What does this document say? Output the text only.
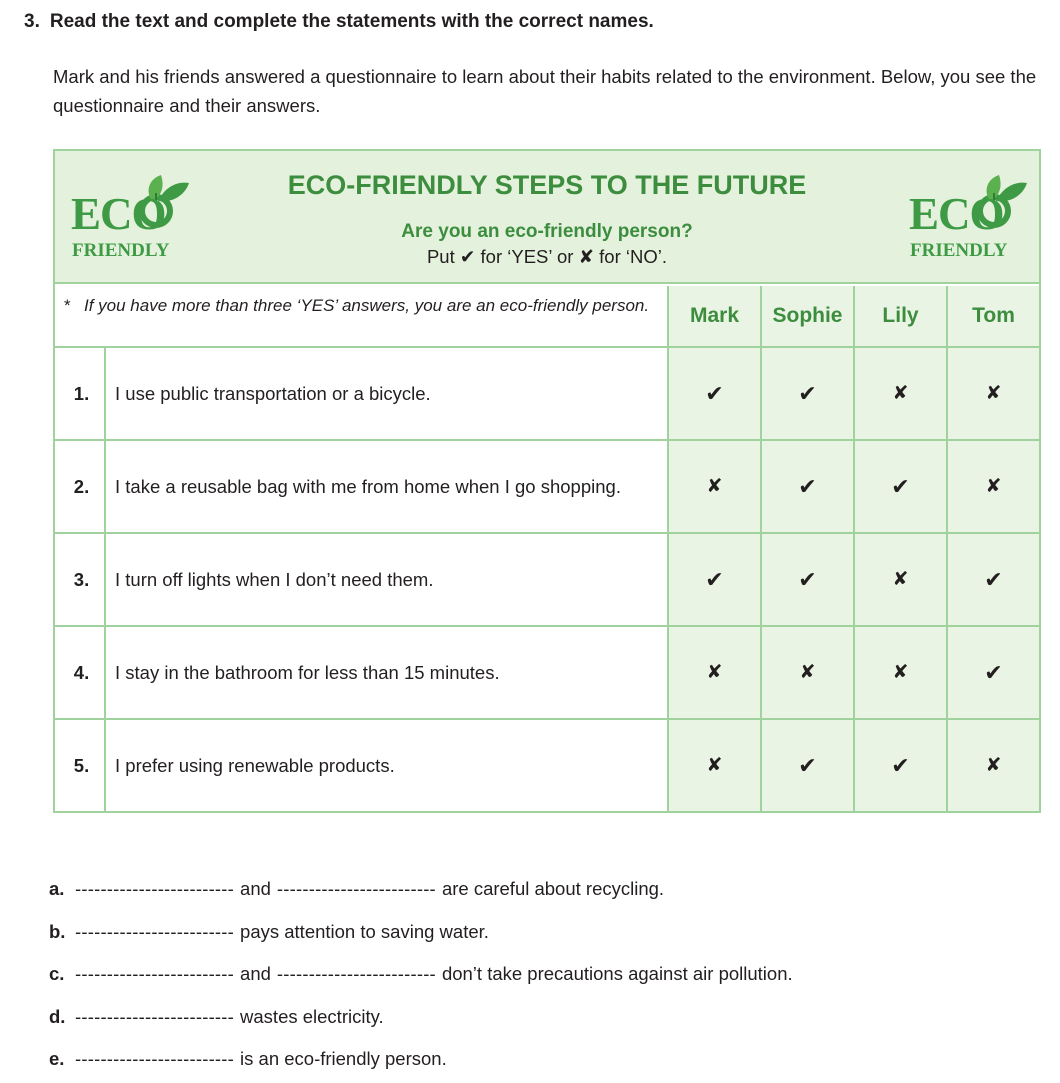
3. Read the text and complete the statements with the correct names.
Mark and his friends answered a questionnaire to learn about their habits related to the environment. Below, you see the questionnaire and their answers.
ECO
FRIENDLY
ECO-FRIENDLY STEPS TO THE FUTURE
Are you an eco-friendly person?
Put ✔ for ‘YES’ or ✘ for ‘NO’.
ECO
FRIENDLY
* If you have more than three ‘YES’ answers, you are an eco-friendly person.	Mark	Sophie	Lily	Tom
1.	I use public transportation or a bicycle.	✔	✔	✘	✘
2.	I take a reusable bag with me from home when I go shopping.	✘	✔	✔	✘
3.	I turn off lights when I don’t need them.	✔	✔	✘	✔
4.	I stay in the bathroom for less than 15 minutes.	✘	✘	✘	✔
5.	I prefer using renewable products.	✘	✔	✔	✘
a. ------------------------- and ------------------------- are careful about recycling.
b. ------------------------- pays attention to saving water.
c. ------------------------- and ------------------------- don’t take precautions against air pollution.
d. ------------------------- wastes electricity.
e. ------------------------- is an eco-friendly person.
